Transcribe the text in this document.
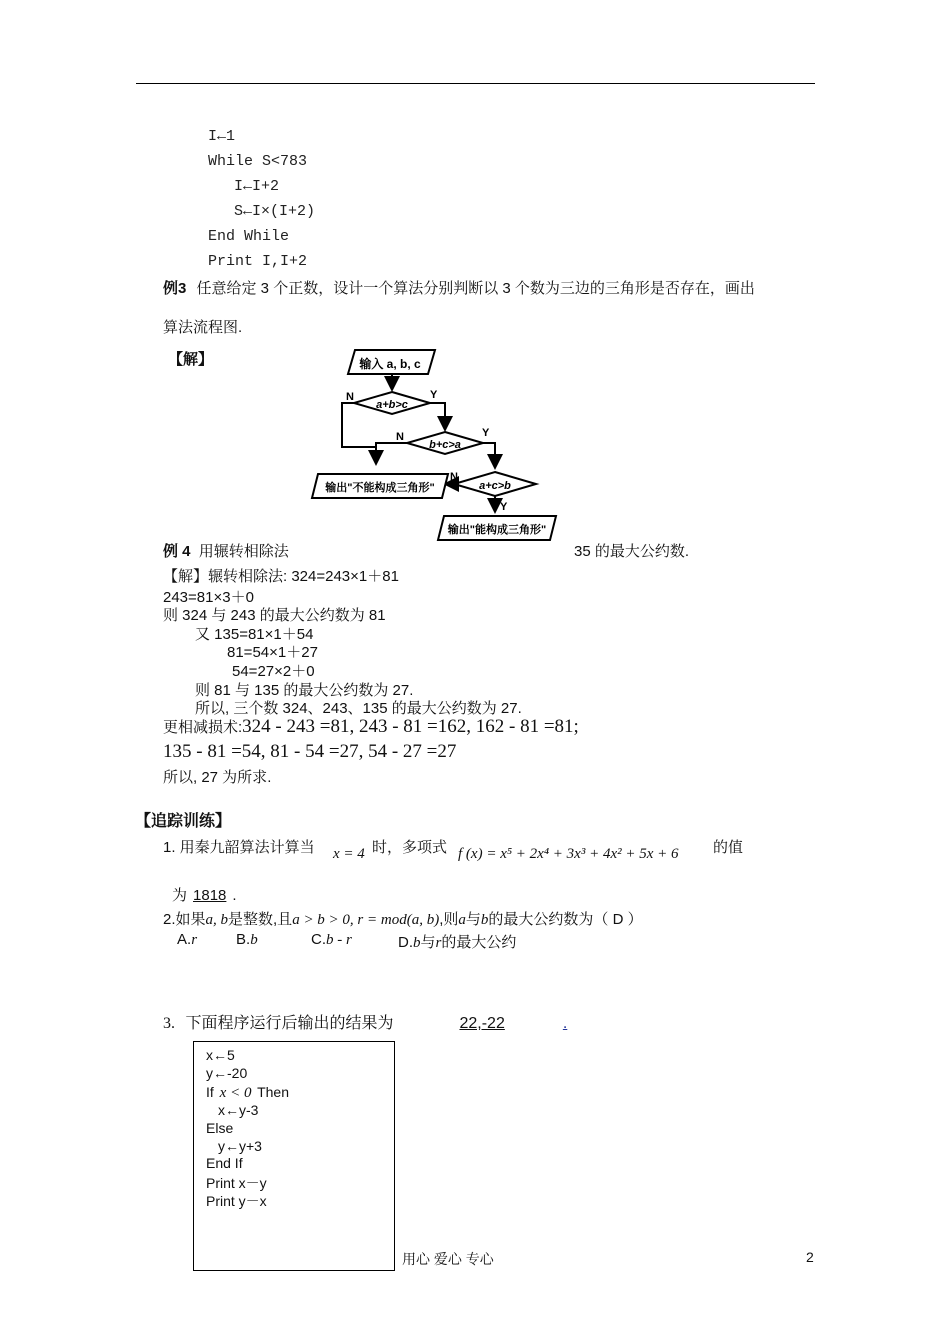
I←1
While S<783
I←I+2
S←I×(I+2)
End While
Print I,I+2
例3 任意给定 3 个正数，设计一个算法分别判断以 3 个数为三边的三角形是否存在，画出
算法流程图.
【解】	输入 a, b, c
a+b>c
N	Y
b+c>a
N	Y
a+c>b
N
Y
输出"不能构成三角形"
输出"能构成三角形"
例 4 用辗转相除法	35 的最大公约数.
【解】辗转相除法: 324=243×1＋81
243=81×3＋0
则 324 与 243 的最大公约数为 81
又 135=81×1＋54
81=54×1＋27
54=27×2＋0
则 81 与 135 的最大公约数为 27.
所以, 三个数 324、243、135 的最大公约数为 27.
更相减损术:324 - 243 =81, 243 - 81 =162, 162 - 81 =81;
135 - 81 =54, 81 - 54 =27, 54 - 27 =27
所以, 27 为所求.
【追踪训练】
1. 用秦九韶算法计算当 x = 4 时，多项式 f (x) = x⁵ + 2x⁴ + 3x³ + 4x² + 5x + 6 的值
为 1818 .
2.如果a, b是整数,且a > b > 0, r = mod(a, b),则a与b的最大公约数为（ D ）
A.r	B.b	C.b - r	D.b与r的最大公约
3. 下面程序运行后输出的结果为	22,-22	.
x←5
y←-20
If x < 0 Then
x←y-3
Else
y←y+3
End If
Print x－y
Print y－x
用心 爱心 专心	2
